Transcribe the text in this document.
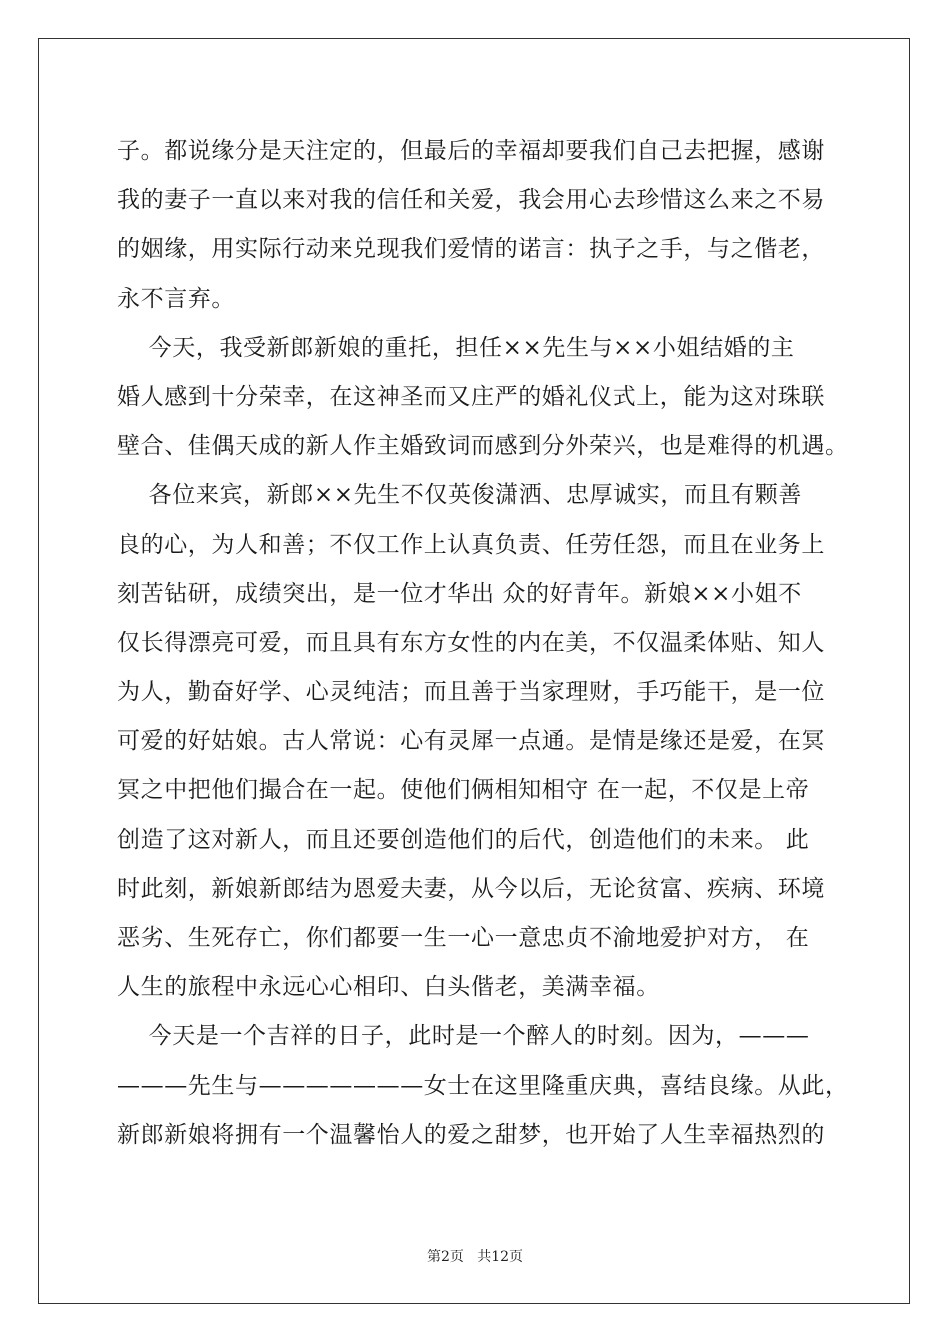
子。都说缘分是天注定的，但最后的幸福却要我们自己去把握，感谢
我的妻子一直以来对我的信任和关爱，我会用心去珍惜这么来之不易
的姻缘，用实际行动来兑现我们爱情的诺言：执子之手，与之偕老，
永不言弃。
今天，我受新郎新娘的重托，担任××先生与××小姐结婚的主
婚人感到十分荣幸，在这神圣而又庄严的婚礼仪式上，能为这对珠联
壁合、佳偶天成的新人作主婚致词而感到分外荣兴，也是难得的机遇。
各位来宾，新郎××先生不仅英俊潇洒、忠厚诚实，而且有颗善
良的心，为人和善；不仅工作上认真负责、任劳任怨，而且在业务上
刻苦钻研，成绩突出，是一位才华出 众的好青年。新娘××小姐不
仅长得漂亮可爱，而且具有东方女性的内在美，不仅温柔体贴、知人
为人，勤奋好学、心灵纯洁；而且善于当家理财，手巧能干，是一位
可爱的好姑娘。古人常说：心有灵犀一点通。是情是缘还是爱，在冥
冥之中把他们撮合在一起。使他们俩相知相守 在一起，不仅是上帝
创造了这对新人，而且还要创造他们的后代，创造他们的未来。 此
时此刻，新娘新郎结为恩爱夫妻，从今以后，无论贫富、疾病、环境
恶劣、生死存亡，你们都要一生一心一意忠贞不渝地爱护对方， 在
人生的旅程中永远心心相印、白头偕老，美满幸福。
今天是一个吉祥的日子，此时是一个醉人的时刻。因为，———
———先生与———————女士在这里隆重庆典，喜结良缘。从此，
新郎新娘将拥有一个温馨怡人的爱之甜梦，也开始了人生幸福热烈的
第2页   共12页
